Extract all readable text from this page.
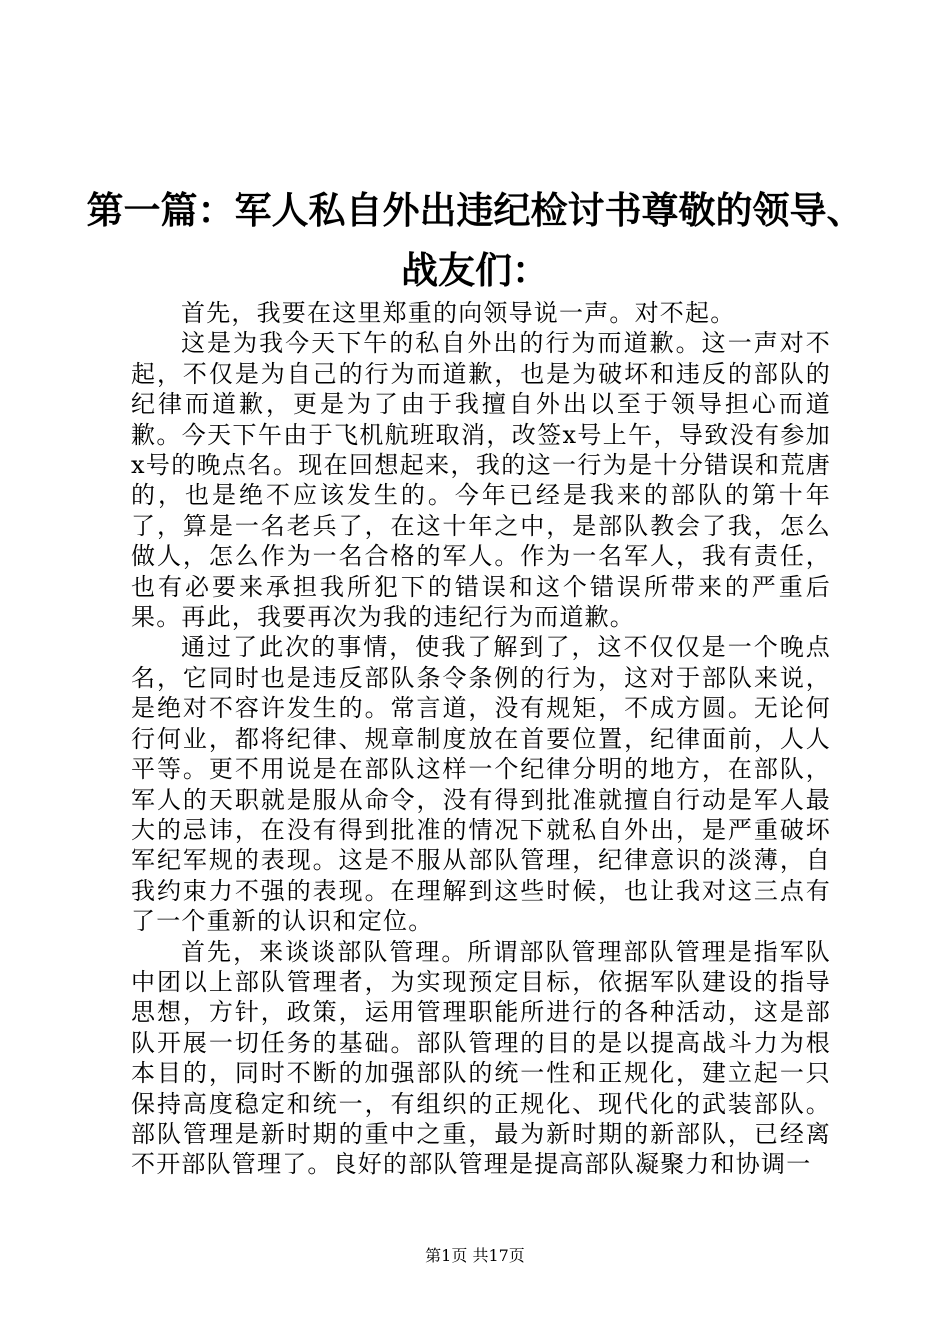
第一篇：军人私自外出违纪检讨书尊敬的领导、
战友们：

首先，我要在这里郑重的向领导说一声。对不起。

这是为我今天下午的私自外出的行为而道歉。这一声对不起，不仅是为自己的行为而道歉，也是为破坏和违反的部队的纪律而道歉，更是为了由于我擅自外出以至于领导担心而道歉。今天下午由于飞机航班取消，改签x号上午，导致没有参加x号的晚点名。现在回想起来，我的这一行为是十分错误和荒唐的，也是绝不应该发生的。今年已经是我来的部队的第十年了，算是一名老兵了，在这十年之中，是部队教会了我，怎么做人，怎么作为一名合格的军人。作为一名军人，我有责任，也有必要来承担我所犯下的错误和这个错误所带来的严重后果。再此，我要再次为我的违纪行为而道歉。

通过了此次的事情，使我了解到了，这不仅仅是一个晚点名，它同时也是违反部队条令条例的行为，这对于部队来说，是绝对不容许发生的。常言道，没有规矩，不成方圆。无论何行何业，都将纪律、规章制度放在首要位置，纪律面前，人人平等。更不用说是在部队这样一个纪律分明的地方，在部队，军人的天职就是服从命令，没有得到批准就擅自行动是军人最大的忌讳，在没有得到批准的情况下就私自外出，是严重破坏军纪军规的表现。这是不服从部队管理，纪律意识的淡薄，自我约束力不强的表现。在理解到这些时候，也让我对这三点有了一个重新的认识和定位。

首先，来谈谈部队管理。所谓部队管理部队管理是指军队中团以上部队管理者，为实现预定目标，依据军队建设的指导思想，方针，政策，运用管理职能所进行的各种活动，这是部队开展一切任务的基础。部队管理的目的是以提高战斗力为根本目的，同时不断的加强部队的统一性和正规化，建立起一只保持高度稳定和统一，有组织的正规化、现代化的武装部队。部队管理是新时期的重中之重，最为新时期的新部队，已经离不开部队管理了。良好的部队管理是提高部队凝聚力和协调一

第1页 共17页
